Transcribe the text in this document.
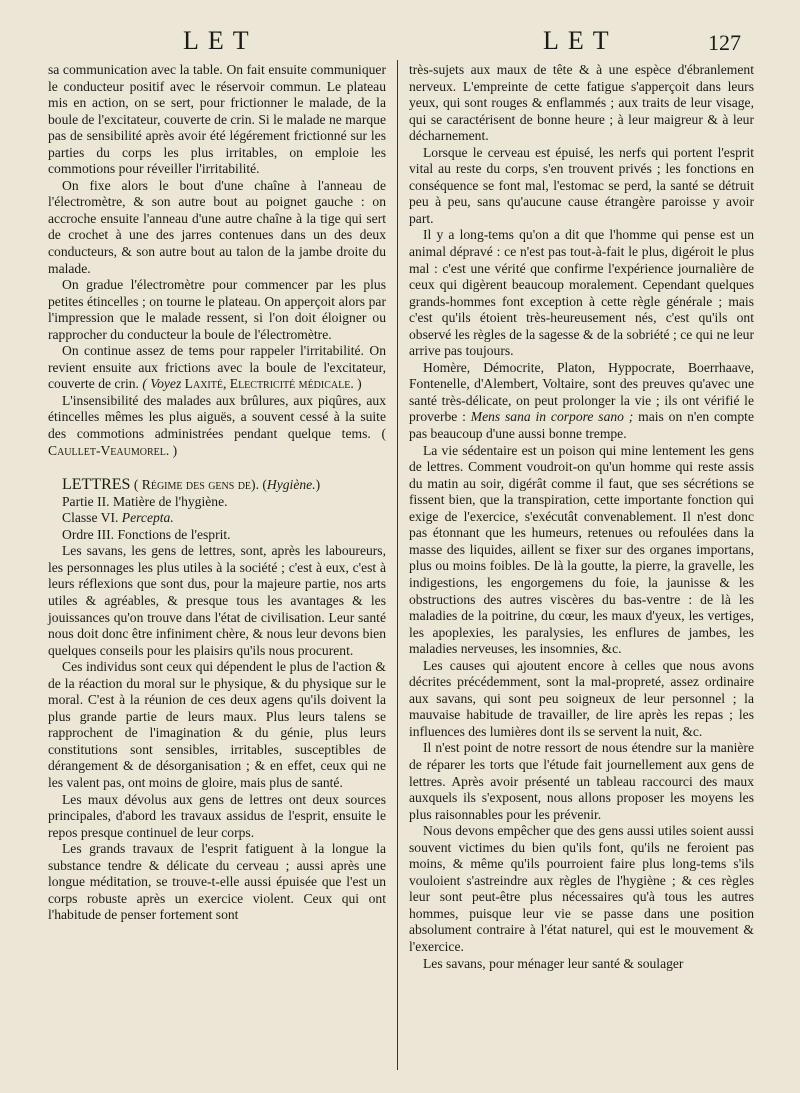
LET	LET	127

sa communication avec la table. On fait ensuite communiquer le conducteur positif avec le réservoir commun. Le plateau mis en action, on se sert, pour frictionner le malade, de la boule de l'excitateur, couverte de crin. Si le malade ne marque pas de sensibilité après avoir été légérement frictionné sur les parties du corps les plus irritables, on emploie les commotions pour réveiller l'irritabilité.

On fixe alors le bout d'une chaîne à l'anneau de l'électromètre, & son autre bout au poignet gauche : on accroche ensuite l'anneau d'une autre chaîne à la tige qui sert de crochet à une des jarres contenues dans un des deux conducteurs, & son autre bout au talon de la jambe droite du malade.

On gradue l'électromètre pour commencer par les plus petites étincelles ; on tourne le plateau. On apperçoit alors par l'impression que le malade ressent, si l'on doit éloigner ou rapprocher du conducteur la boule de l'électromètre.

On continue assez de tems pour rappeler l'irritabilité. On revient ensuite aux frictions avec la boule de l'excitateur, couverte de crin. ( Voyez Laxité, Electricité médicale. )

L'insensibilité des malades aux brûlures, aux piqûres, aux étincelles mêmes les plus aiguës, a souvent cessé à la suite des commotions administrées pendant quelque tems. ( Caullet-Veaumorel. )

LETTRES ( Régime des gens de). (Hygiène.)

Partie II. Matière de l'hygiène.

Classe VI. Percepta.

Ordre III. Fonctions de l'esprit.

Les savans, les gens de lettres, sont, après les laboureurs, les personnages les plus utiles à la société ; c'est à eux, c'est à leurs réflexions que sont dus, pour la majeure partie, nos arts utiles & agréables, & presque tous les avantages & les jouissances qu'on trouve dans l'état de civilisation. Leur santé nous doit donc être infiniment chère, & nous leur devons bien quelques conseils pour les plaisirs qu'ils nous procurent.

Ces individus sont ceux qui dépendent le plus de l'action & de la réaction du moral sur le physique, & du physique sur le moral. C'est à la réunion de ces deux agens qu'ils doivent la plus grande partie de leurs maux. Plus leurs talens se rapprochent de l'imagination & du génie, plus leurs constitutions sont sensibles, irritables, susceptibles de dérangement & de désorganisation ; & en effet, ceux qui ne les valent pas, ont moins de gloire, mais plus de santé.

Les maux dévolus aux gens de lettres ont deux sources principales, d'abord les travaux assidus de l'esprit, ensuite le repos presque continuel de leur corps.

Les grands travaux de l'esprit fatiguent à la longue la substance tendre & délicate du cerveau ; aussi après une longue méditation, se trouve-t-elle aussi épuisée que l'est un corps robuste après un exercice violent. Ceux qui ont l'habitude de penser fortement sont

très-sujets aux maux de tête & à une espèce d'ébranlement nerveux. L'empreinte de cette fatigue s'apperçoit dans leurs yeux, qui sont rouges & enflammés ; aux traits de leur visage, qui se caractérisent de bonne heure ; à leur maigreur & à leur décharnement.

Lorsque le cerveau est épuisé, les nerfs qui portent l'esprit vital au reste du corps, s'en trouvent privés ; les fonctions en conséquence se font mal, l'estomac se perd, la santé se détruit peu à peu, sans qu'aucune cause étrangère paroisse y avoir part.

Il y a long-tems qu'on a dit que l'homme qui pense est un animal dépravé : ce n'est pas tout-à-fait le plus, digéroit le plus mal : c'est une vérité que confirme l'expérience journalière de ceux qui digèrent beaucoup moralement. Cependant quelques grands-hommes font exception à cette règle générale ; mais c'est qu'ils étoient très-heureusement nés, c'est qu'ils ont observé les règles de la sagesse & de la sobriété ; ce qui ne leur arrive pas toujours.

Homère, Démocrite, Platon, Hyppocrate, Boerrhaave, Fontenelle, d'Alembert, Voltaire, sont des preuves qu'avec une santé très-délicate, on peut prolonger la vie ; ils ont vérifié le proverbe : Mens sana in corpore sano ; mais on n'en compte pas beaucoup d'une aussi bonne trempe.

La vie sédentaire est un poison qui mine lentement les gens de lettres. Comment voudroit-on qu'un homme qui reste assis du matin au soir, digérât comme il faut, que ses sécrétions se fissent bien, que la transpiration, cette importante fonction qui exige de l'exercice, s'exécutât convenablement. Il n'est donc pas étonnant que les humeurs, retenues ou refoulées dans la masse des liquides, aillent se fixer sur des organes importans, plus ou moins foibles. De là la goutte, la pierre, la gravelle, les indigestions, les engorgemens du foie, la jaunisse & les obstructions des autres viscères du bas-ventre : de là les maladies de la poitrine, du cœur, les maux d'yeux, les vertiges, les apoplexies, les paralysies, les enflures de jambes, les maladies nerveuses, les insomnies, &c.

Les causes qui ajoutent encore à celles que nous avons décrites précédemment, sont la mal-propreté, assez ordinaire aux savans, qui sont peu soigneux de leur personnel ; la mauvaise habitude de travailler, de lire après les repas ; les influences des lumières dont ils se servent la nuit, &c.

Il n'est point de notre ressort de nous étendre sur la manière de réparer les torts que l'étude fait journellement aux gens de lettres. Après avoir présenté un tableau raccourci des maux auxquels ils s'exposent, nous allons proposer les moyens les plus raisonnables pour les prévenir.

Nous devons empêcher que des gens aussi utiles soient aussi souvent victimes du bien qu'ils font, qu'ils ne feroient pas moins, & même qu'ils pourroient faire plus long-tems s'ils vouloient s'astreindre aux règles de l'hygiène ; & ces règles leur sont peut-être plus nécessaires qu'à tous les autres hommes, puisque leur vie se passe dans une position absolument contraire à l'état naturel, qui est le mouvement & l'exercice.

Les savans, pour ménager leur santé & soulager
